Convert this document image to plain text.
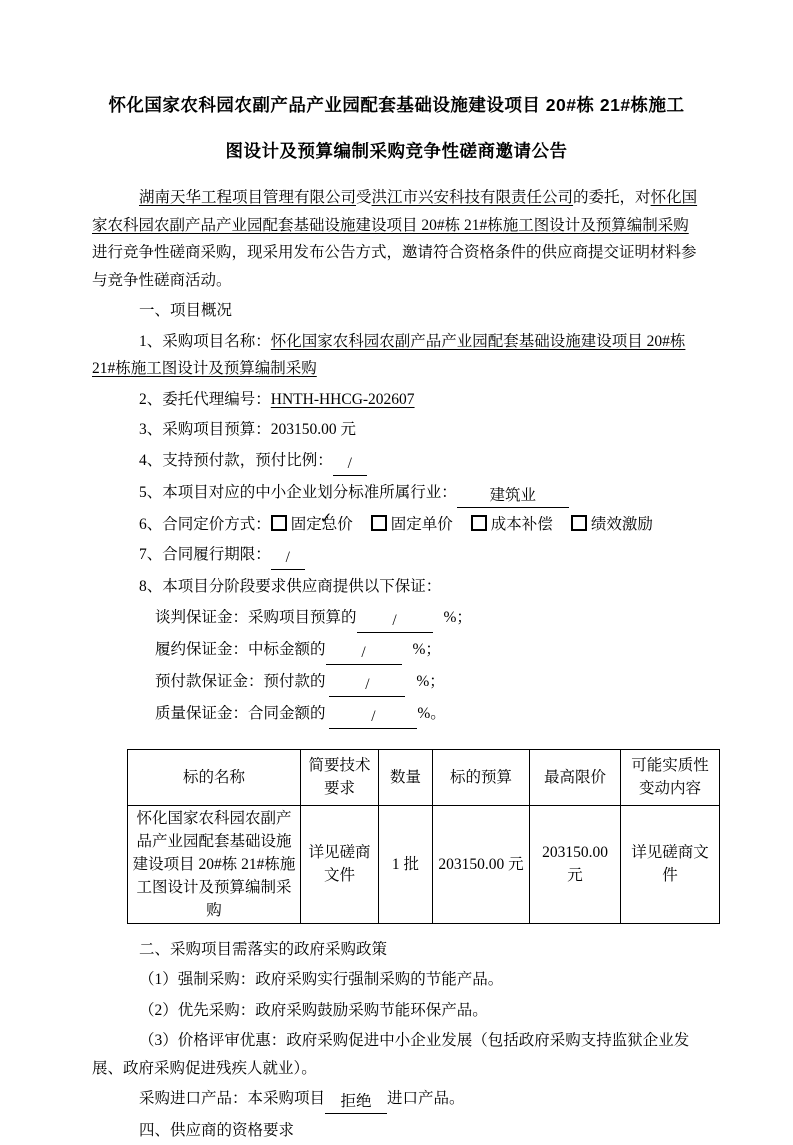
怀化国家农科园农副产品产业园配套基础设施建设项目 20#栋 21#栋施工
图设计及预算编制采购竞争性磋商邀请公告

湖南天华工程项目管理有限公司受洪江市兴安科技有限责任公司的委托，对怀化国家农科园农副产品产业园配套基础设施建设项目 20#栋 21#栋施工图设计及预算编制采购进行竞争性磋商采购，现采用发布公告方式，邀请符合资格条件的供应商提交证明材料参与竞争性磋商活动。

一、项目概况

1、采购项目名称：怀化国家农科园农副产品产业园配套基础设施建设项目 20#栋 21#栋施工图设计及预算编制采购

2、委托代理编号：HNTH-HHCG-202607

3、采购项目预算：203150.00 元

4、支持预付款，预付比例： /

5、本项目对应的中小企业划分标准所属行业： 建筑业

6、合同定价方式： ✓ 固定总价 固定单价 成本补偿 绩效激励

7、合同履行期限： /

8、本项目分阶段要求供应商提供以下保证：

谈判保证金：采购项目预算的 /	%；

履约保证金：中标金额的 /	%；

预付款保证金：预付款的	/	%；

质量保证金：合同金额的	/	%。

标的名称	简要技术要求	数量	标的预算	最高限价	可能实质性变动内容
怀化国家农科园农副产品产业园配套基础设施建设项目 20#栋 21#栋施工图设计及预算编制采购	详见磋商文件	1 批	203150.00 元	203150.00 元	详见磋商文件

二、采购项目需落实的政府采购政策

（1）强制采购：政府采购实行强制采购的节能产品。

（2）优先采购：政府采购鼓励采购节能环保产品。

（3）价格评审优惠：政府采购促进中小企业发展（包括政府采购支持监狱企业发展、政府采购促进残疾人就业）。

采购进口产品：本采购项目 拒绝 进口产品。

四、供应商的资格要求
